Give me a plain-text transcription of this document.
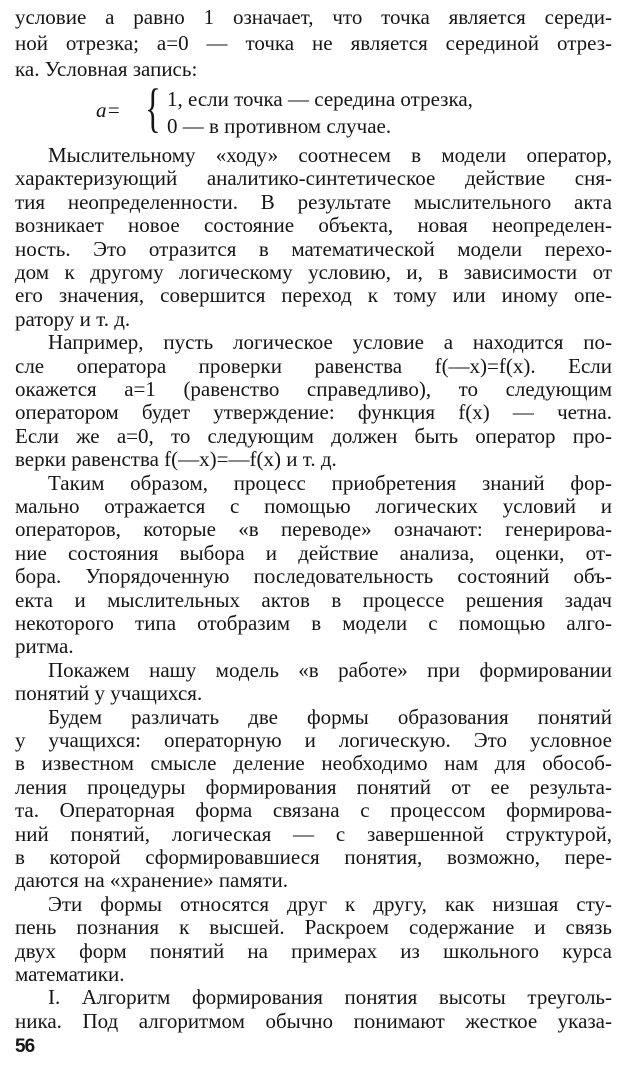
условие a равно 1 означает, что точка является середи-
ной отрезка; a=0 — точка не является серединой отрез-
ка. Условная запись:
Мыслительному «ходу» соотнесем в модели оператор,
характеризующий аналитико-синтетическое действие сня-
тия неопределенности. В результате мыслительного акта
возникает новое состояние объекта, новая неопределен-
ность. Это отразится в математической модели перехо-
дом к другому логическому условию, и, в зависимости от
его значения, совершится переход к тому или иному опе-
ратору и т. д.
Например, пусть логическое условие a находится по-
сле оператора проверки равенства f(—x)=f(x). Если
окажется a=1 (равенство справедливо), то следующим
оператором будет утверждение: функция f(x) — четна.
Если же a=0, то следующим должен быть оператор про-
верки равенства f(—x)=—f(x) и т. д.
Таким образом, процесс приобретения знаний фор-
мально отражается с помощью логических условий и
операторов, которые «в переводе» означают: генерирова-
ние состояния выбора и действие анализа, оценки, от-
бора. Упорядоченную последовательность состояний объ-
екта и мыслительных актов в процессе решения задач
некоторого типа отобразим в модели с помощью алго-
ритма.
Покажем нашу модель «в работе» при формировании
понятий у учащихся.
Будем различать две формы образования понятий
у учащихся: операторную и логическую. Это условное
в известном смысле деление необходимо нам для обособ-
ления процедуры формирования понятий от ее результа-
та. Операторная форма связана с процессом формирова-
ний понятий, логическая — с завершенной структурой,
в которой сформировавшиеся понятия, возможно, пере-
даются на «хранение» памяти.
Эти формы относятся друг к другу, как низшая сту-
пень познания к высшей. Раскроем содержание и связь
двух форм понятий на примерах из школьного курса
математики.
I. Алгоритм формирования понятия высоты треуголь-
ника. Под алгоритмом обычно понимают жесткое указа-
a= { 1, если точка — середина отрезка,
0 — в противном случае.
56
